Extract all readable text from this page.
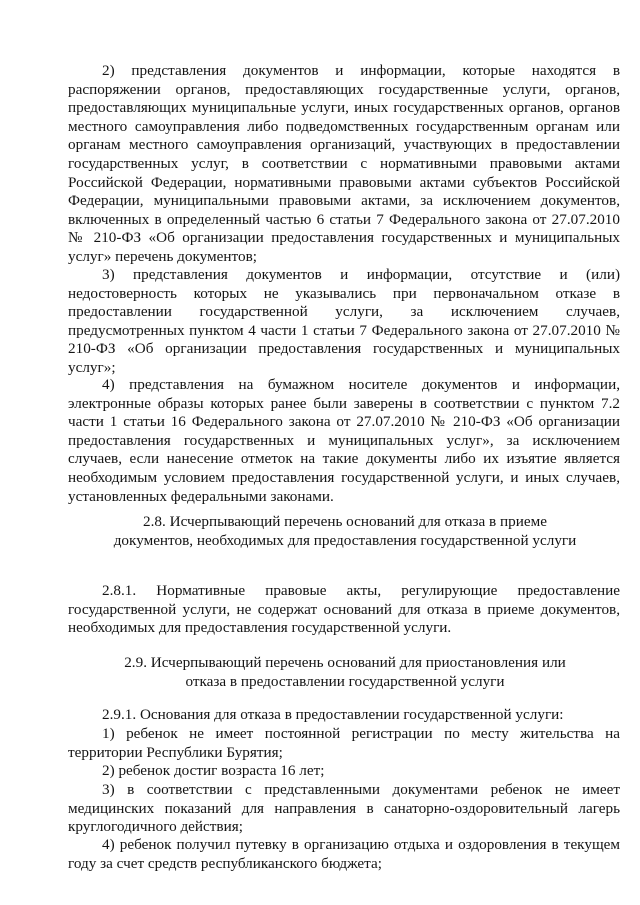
2) представления документов и информации, которые находятся в распоряжении органов, предоставляющих государственные услуги, органов, предоставляющих муниципальные услуги, иных государственных органов, органов местного самоуправления либо подведомственных государственным органам или органам местного самоуправления организаций, участвующих в предоставлении государственных услуг, в соответствии с нормативными правовыми актами Российской Федерации, нормативными правовыми актами субъектов Российской Федерации, муниципальными правовыми актами, за исключением документов, включенных в определенный частью 6 статьи 7 Федерального закона от 27.07.2010 № 210-ФЗ «Об организации предоставления государственных и муниципальных услуг» перечень документов;

3) представления документов и информации, отсутствие и (или) недостоверность которых не указывались при первоначальном отказе в предоставлении государственной услуги, за исключением случаев, предусмотренных пунктом 4 части 1 статьи 7 Федерального закона от 27.07.2010 № 210-ФЗ «Об организации предоставления государственных и муниципальных услуг»;

4) представления на бумажном носителе документов и информации, электронные образы которых ранее были заверены в соответствии с пунктом 7.2 части 1 статьи 16 Федерального закона от 27.07.2010 № 210-ФЗ «Об организации предоставления государственных и муниципальных услуг», за исключением случаев, если нанесение отметок на такие документы либо их изъятие является необходимым условием предоставления государственной услуги, и иных случаев, установленных федеральными законами.

2.8. Исчерпывающий перечень оснований для отказа в приеме документов, необходимых для предоставления государственной услуги

2.8.1. Нормативные правовые акты, регулирующие предоставление государственной услуги, не содержат оснований для отказа в приеме документов, необходимых для предоставления государственной услуги.

2.9. Исчерпывающий перечень оснований для приостановления или отказа в предоставлении государственной услуги

2.9.1. Основания для отказа в предоставлении государственной услуги:

1) ребенок не имеет постоянной регистрации по месту жительства на территории Республики Бурятия;

2) ребенок достиг возраста 16 лет;

3) в соответствии с представленными документами ребенок не имеет медицинских показаний для направления в санаторно-оздоровительный лагерь круглогодичного действия;

4) ребенок получил путевку в организацию отдыха и оздоровления в текущем году за счет средств республиканского бюджета;
